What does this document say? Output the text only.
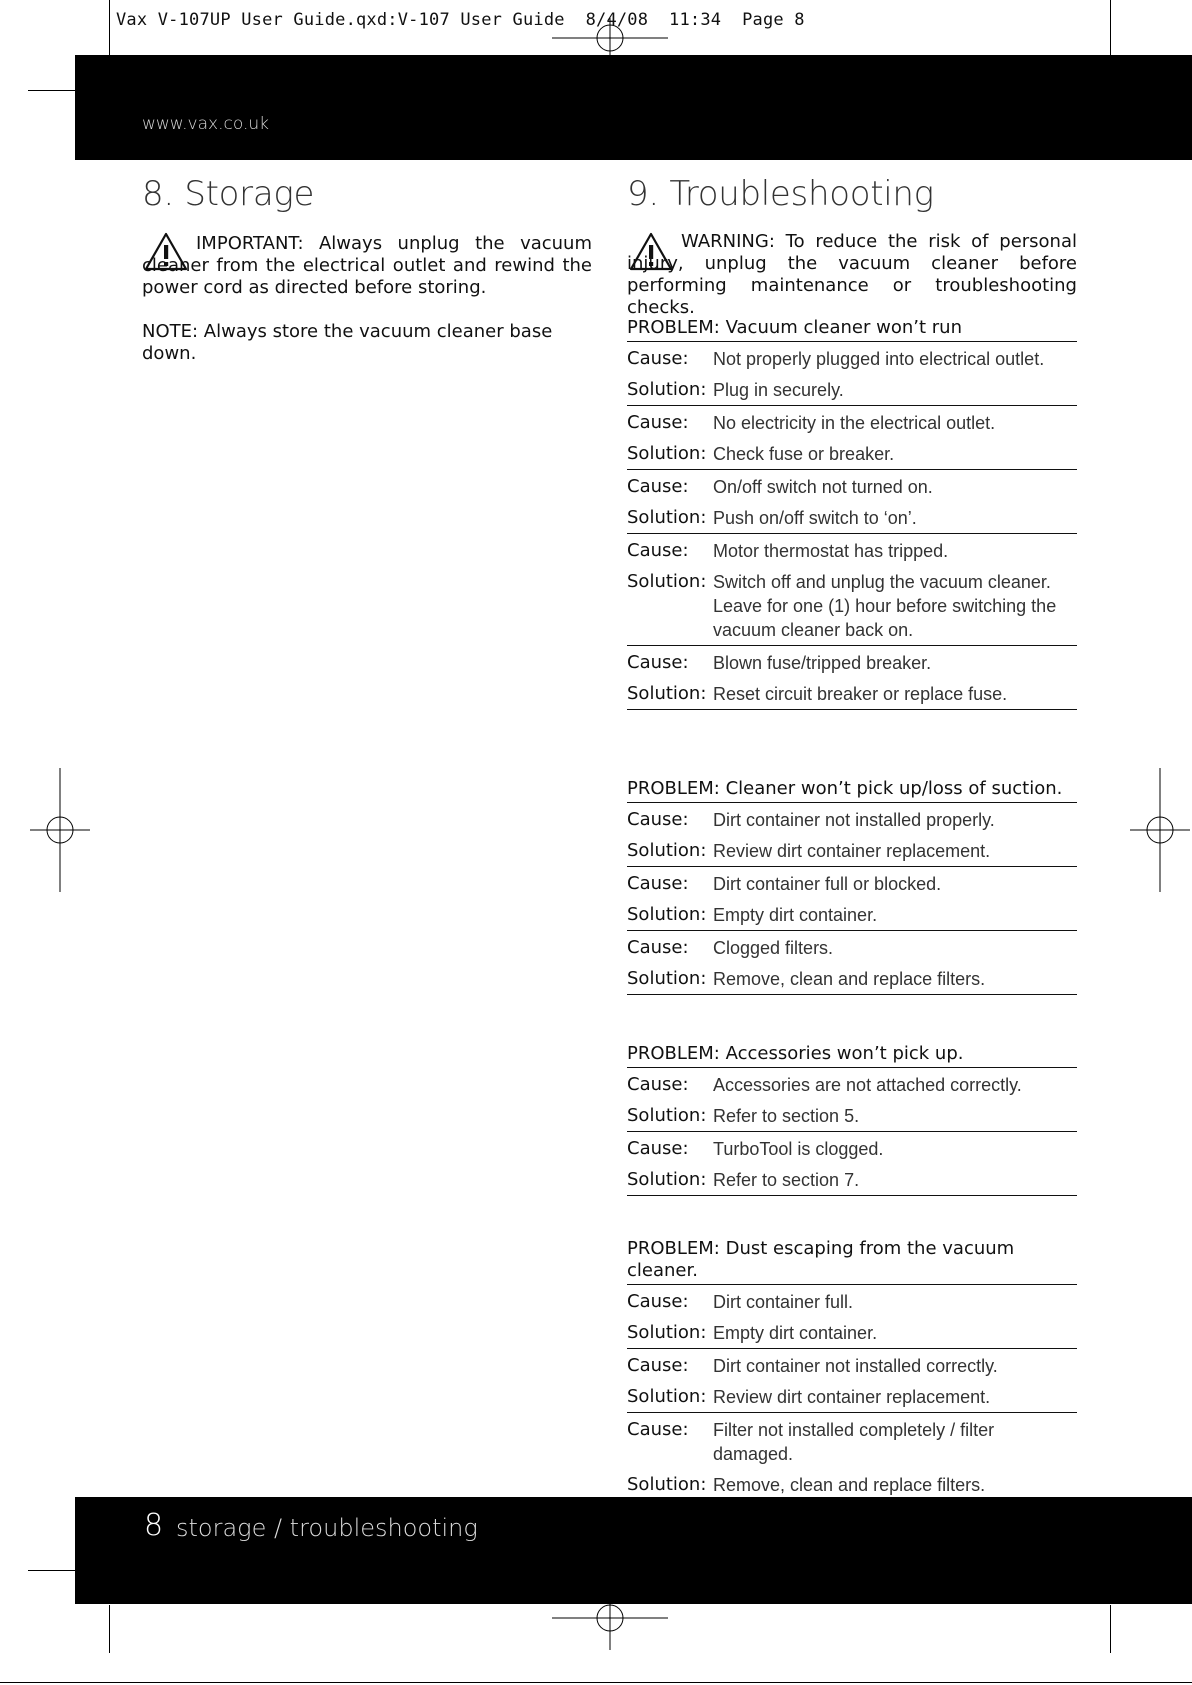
Vax V-107UP User Guide.qxd:V-107 User Guide  8/4/08  11:34  Page 8
www.vax.co.uk
8. Storage
IMPORTANT: Always unplug the vacuum cleaner from the electrical outlet and rewind the power cord as directed before storing.
NOTE: Always store the vacuum cleaner base down.
9. Troubleshooting
WARNING: To reduce the risk of personal injury, unplug the vacuum cleaner before performing maintenance or troubleshooting checks.
PROBLEM: Vacuum cleaner won’t run
Cause:	Not properly plugged into electrical outlet.
Solution: Plug in securely.
Cause:	No electricity in the electrical outlet.
Solution: Check fuse or breaker.
Cause:	On/off switch not turned on.
Solution: Push on/off switch to ‘on’.
Cause:	Motor thermostat has tripped.
Solution: Switch off and unplug the vacuum cleaner. Leave for one (1) hour before switching the vacuum cleaner back on.
Cause:	Blown fuse/tripped breaker.
Solution: Reset circuit breaker or replace fuse.
PROBLEM: Cleaner won’t pick up/loss of suction.
Cause:	Dirt container not installed properly.
Solution: Review dirt container replacement.
Cause:	Dirt container full or blocked.
Solution: Empty dirt container.
Cause:	Clogged filters.
Solution: Remove, clean and replace filters.
PROBLEM: Accessories won’t pick up.
Cause:	Accessories are not attached correctly.
Solution: Refer to section 5.
Cause:	TurboTool is clogged.
Solution: Refer to section 7.
PROBLEM: Dust escaping from the vacuum cleaner.
Cause:	Dirt container full.
Solution: Empty dirt container.
Cause:	Dirt container not installed correctly.
Solution: Review dirt container replacement.
Cause:	Filter not installed completely / filter damaged.
Solution: Remove, clean and replace filters.
8 storage / troubleshooting
